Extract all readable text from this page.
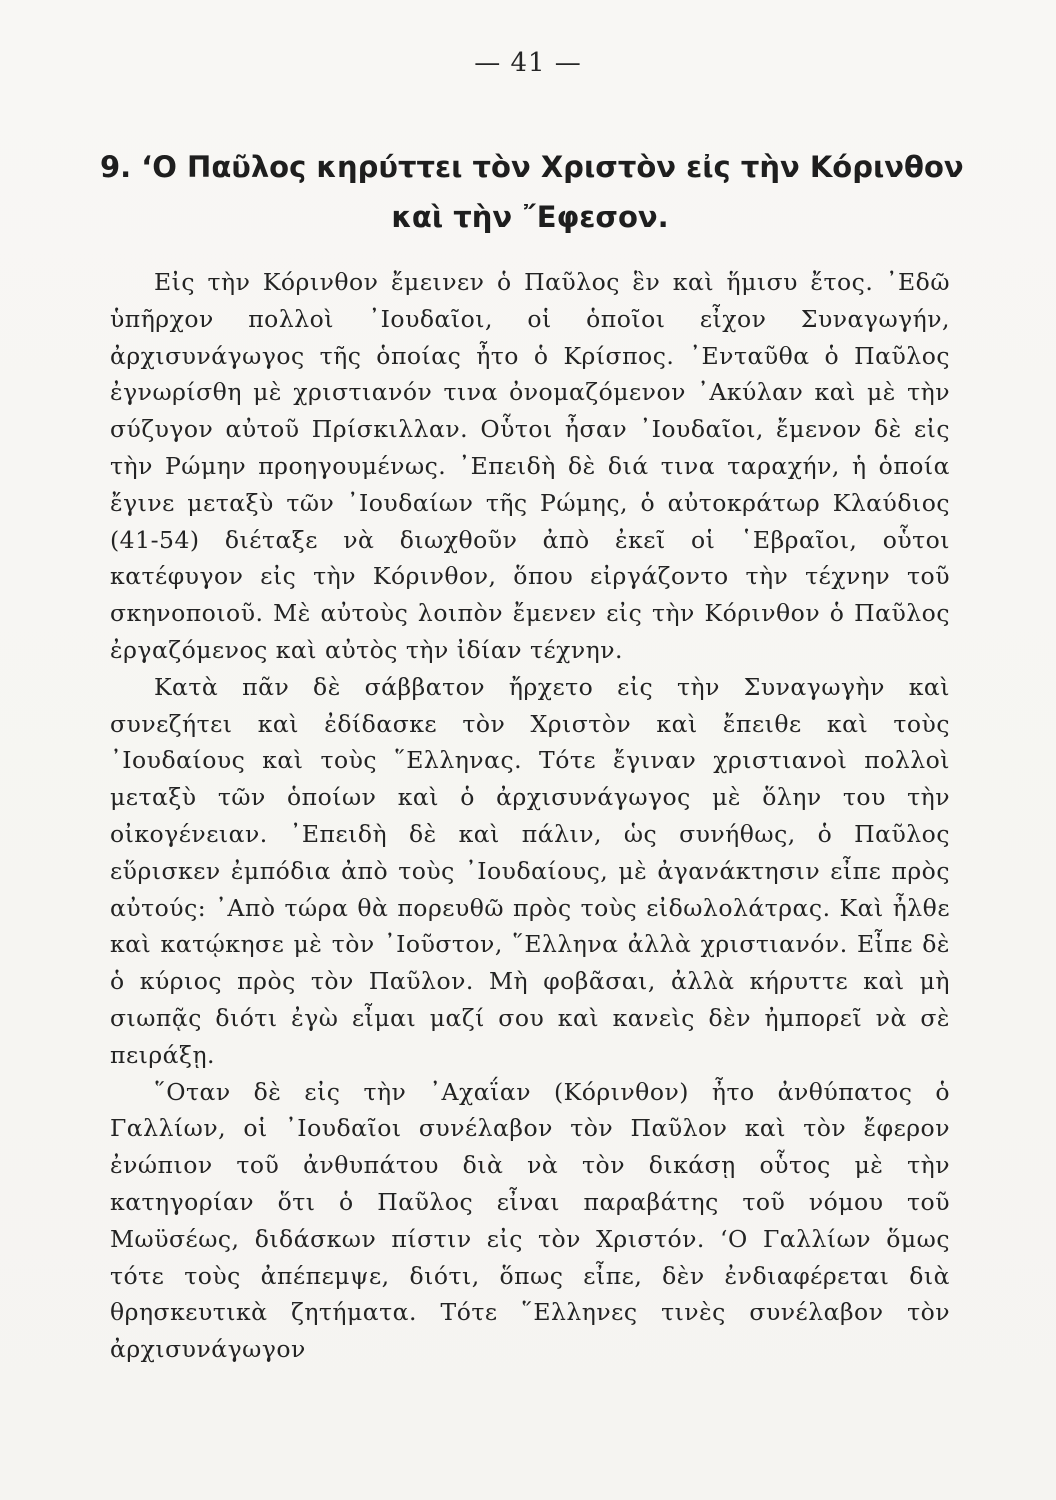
— 41 —
9. ‘Ο Παῦλος κηρύττει τὸν Χριστὸν εἰς τὴν Κόρινθον
καὶ τὴν ῎Εφεσον.

Εἰς τὴν Κόρινθον ἔμεινεν ὁ Παῦλος ἓν καὶ ἥμισυ ἔτος. ᾿Εδῶ ὑπῆρχον πολλοὶ ᾿Ιουδαῖοι, οἱ ὁποῖοι εἶχον Συναγωγήν, ἀρχισυνάγωγος τῆς ὁποίας ἦτο ὁ Κρίσπος. ᾿Ενταῦθα ὁ Παῦλος ἐγνωρίσθη μὲ χριστιανόν τινα ὀνομαζόμενον ᾿Ακύλαν καὶ μὲ τὴν σύζυγον αὐτοῦ Πρίσκιλλαν. Οὗτοι ἦσαν ᾿Ιουδαῖοι, ἔμενον δὲ εἰς τὴν Ρώμην προηγουμένως. ᾿Επειδὴ δὲ διά τινα ταραχήν, ἡ ὁποία ἔγινε μεταξὺ τῶν ᾿Ιουδαίων τῆς Ρώμης, ὁ αὐτοκράτωρ Κλαύδιος (41-54) διέταξε νὰ διωχθοῦν ἀπὸ ἐκεῖ οἱ ῾Εβραῖοι, οὗτοι κατέφυγον εἰς τὴν Κόρινθον, ὅπου εἰργάζοντο τὴν τέχνην τοῦ σκηνοποιοῦ. Μὲ αὐτοὺς λοιπὸν ἔμενεν εἰς τὴν Κόρινθον ὁ Παῦλος ἐργαζόμενος καὶ αὐτὸς τὴν ἰδίαν τέχνην.

Κατὰ πᾶν δὲ σάββατον ἤρχετο εἰς τὴν Συναγωγὴν καὶ συνεζήτει καὶ ἐδίδασκε τὸν Χριστὸν καὶ ἔπειθε καὶ τοὺς ᾿Ιουδαίους καὶ τοὺς ῞Ελληνας. Τότε ἔγιναν χριστιανοὶ πολλοὶ μεταξὺ τῶν ὁποίων καὶ ὁ ἀρχισυνάγωγος μὲ ὅλην του τὴν οἰκογένειαν. ᾿Επειδὴ δὲ καὶ πάλιν, ὡς συνήθως, ὁ Παῦλος εὕρισκεν ἐμπόδια ἀπὸ τοὺς ᾿Ιουδαίους, μὲ ἀγανάκτησιν εἶπε πρὸς αὐτούς: ᾿Απὸ τώρα θὰ πορευθῶ πρὸς τοὺς εἰδωλολάτρας. Καὶ ἦλθε καὶ κατῴκησε μὲ τὸν ᾿Ιοῦστον, ῞Ελληνα ἀλλὰ χριστιανόν. Εἶπε δὲ ὁ κύριος πρὸς τὸν Παῦλον. Μὴ φοβᾶσαι, ἀλλὰ κήρυττε καὶ μὴ σιωπᾷς διότι ἐγὼ εἶμαι μαζί σου καὶ κανεὶς δὲν ἠμπορεῖ νὰ σὲ πειράξῃ.

῞Οταν δὲ εἰς τὴν ᾿Αχαΐαν (Κόρινθον) ἦτο ἀνθύπατος ὁ Γαλλίων, οἱ ᾿Ιουδαῖοι συνέλαβον τὸν Παῦλον καὶ τὸν ἔφερον ἐνώπιον τοῦ ἀνθυπάτου διὰ νὰ τὸν δικάσῃ οὗτος μὲ τὴν κατηγορίαν ὅτι ὁ Παῦλος εἶναι παραβάτης τοῦ νόμου τοῦ Μωϋσέως, διδάσκων πίστιν εἰς τὸν Χριστόν. ‘Ο Γαλλίων ὅμως τότε τοὺς ἀπέπεμψε, διότι, ὅπως εἶπε, δὲν ἐνδιαφέρεται διὰ θρησκευτικὰ ζητήματα. Τότε ῞Ελληνες τινὲς συνέλαβον τὸν ἀρχισυνάγωγον
